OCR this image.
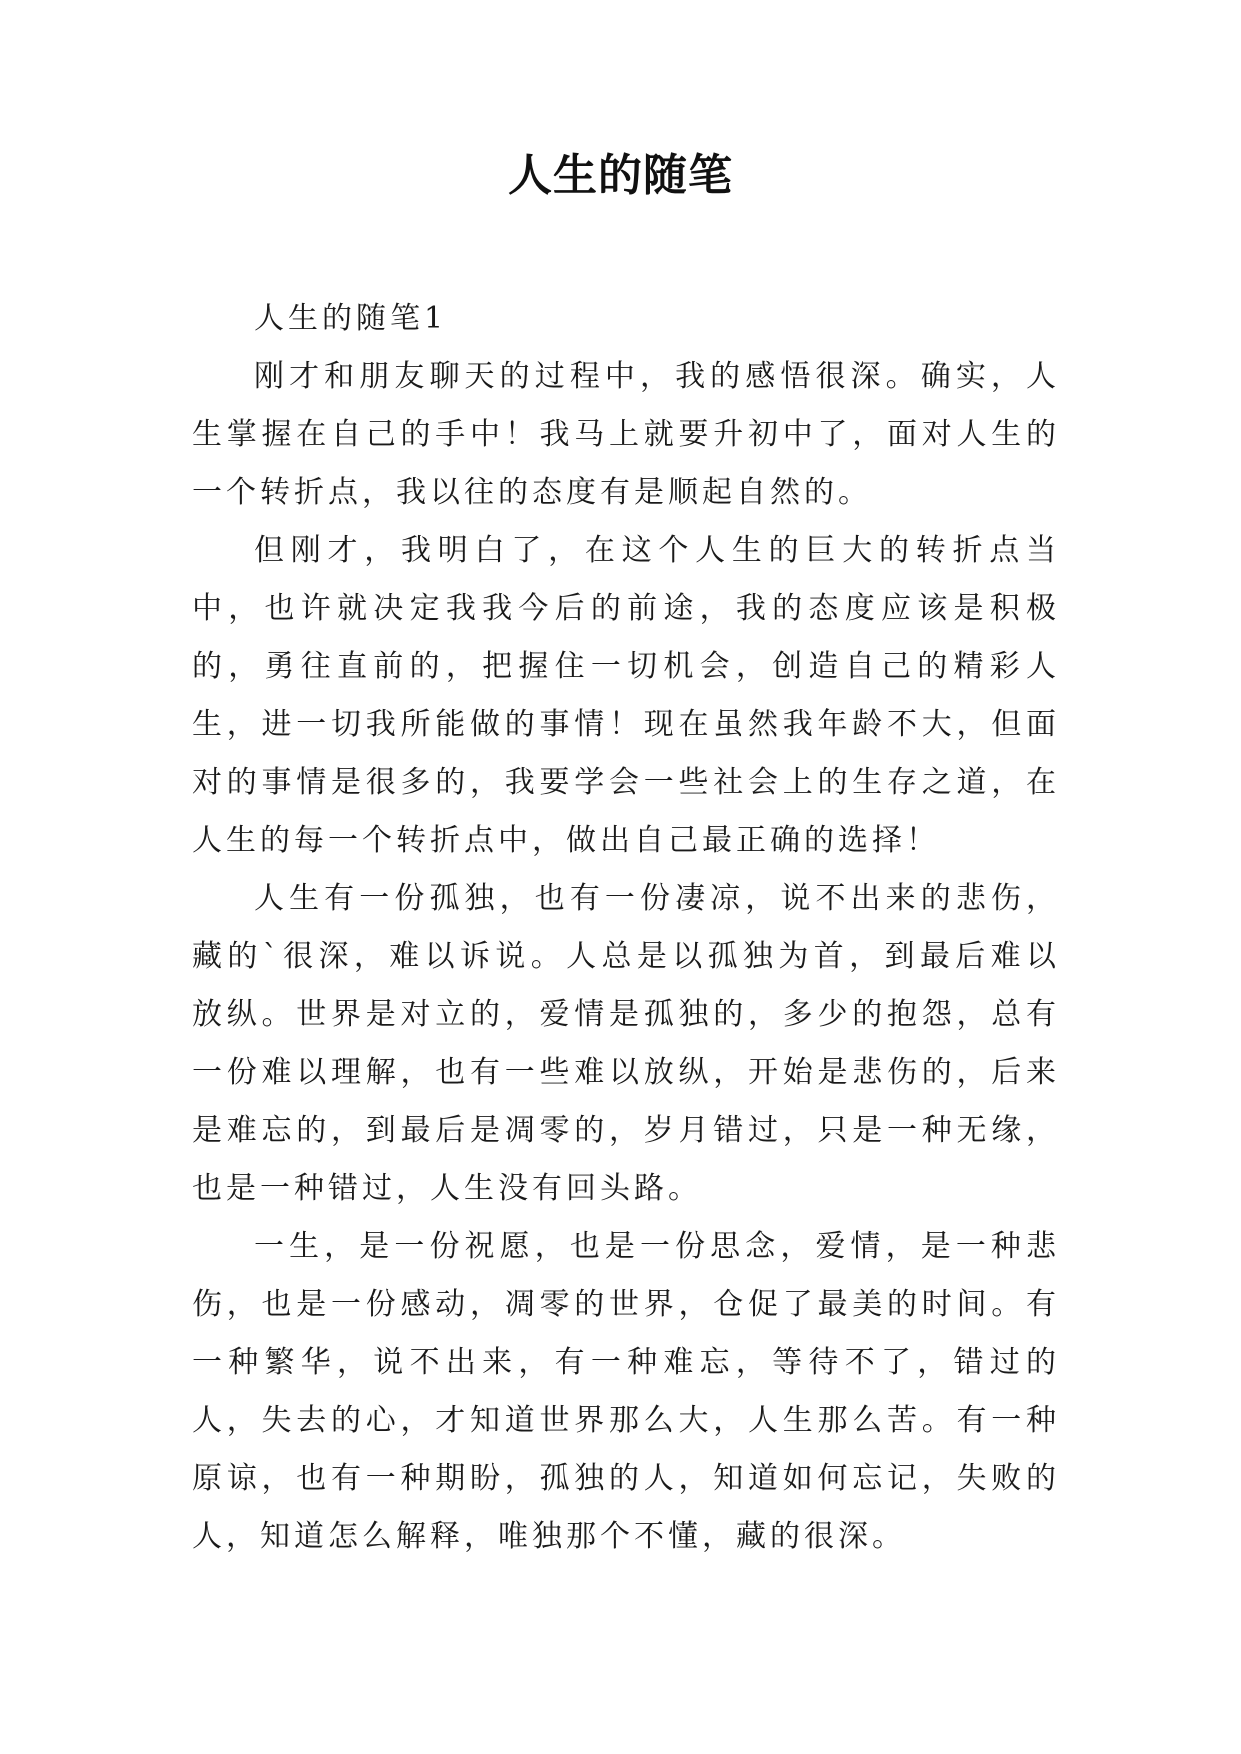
人生的随笔

人生的随笔1

刚才和朋友聊天的过程中，我的感悟很深。确实，人生掌握在自己的手中！我马上就要升初中了，面对人生的一个转折点，我以往的态度有是顺起自然的。

但刚才，我明白了，在这个人生的巨大的转折点当中，也许就决定我我今后的前途，我的态度应该是积极的，勇往直前的，把握住一切机会，创造自己的精彩人生，进一切我所能做的事情！现在虽然我年龄不大，但面对的事情是很多的，我要学会一些社会上的生存之道，在人生的每一个转折点中，做出自己最正确的选择！

人生有一份孤独，也有一份凄凉，说不出来的悲伤，藏的`很深，难以诉说。人总是以孤独为首，到最后难以放纵。世界是对立的，爱情是孤独的，多少的抱怨，总有一份难以理解，也有一些难以放纵，开始是悲伤的，后来是难忘的，到最后是凋零的，岁月错过，只是一种无缘，也是一种错过，人生没有回头路。

一生，是一份祝愿，也是一份思念，爱情，是一种悲伤，也是一份感动，凋零的世界，仓促了最美的时间。有一种繁华，说不出来，有一种难忘，等待不了，错过的人，失去的心，才知道世界那么大，人生那么苦。有一种原谅，也有一种期盼，孤独的人，知道如何忘记，失败的人，知道怎么解释，唯独那个不懂，藏的很深。
